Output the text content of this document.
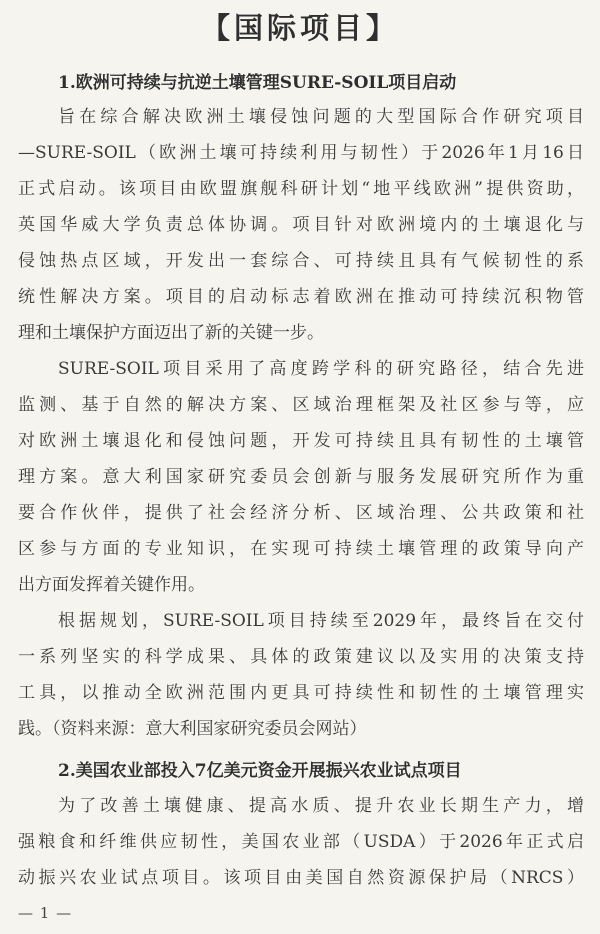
【国际项目】
1.欧洲可持续与抗逆土壤管理SURE-SOIL项目启动
旨在综合解决欧洲土壤侵蚀问题的大型国际合作研究项目
—SURE-SOIL（欧洲土壤可持续利用与韧性）于2026年1月16日
正式启动。该项目由欧盟旗舰科研计划“地平线欧洲”提供资助，
英国华威大学负责总体协调。项目针对欧洲境内的土壤退化与
侵蚀热点区域，开发出一套综合、可持续且具有气候韧性的系
统性解决方案。项目的启动标志着欧洲在推动可持续沉积物管
理和土壤保护方面迈出了新的关键一步。
SURE-SOIL项目采用了高度跨学科的研究路径，结合先进
监测、基于自然的解决方案、区域治理框架及社区参与等，应
对欧洲土壤退化和侵蚀问题，开发可持续且具有韧性的土壤管
理方案。意大利国家研究委员会创新与服务发展研究所作为重
要合作伙伴，提供了社会经济分析、区域治理、公共政策和社
区参与方面的专业知识，在实现可持续土壤管理的政策导向产
出方面发挥着关键作用。
根据规划，SURE-SOIL项目持续至2029年，最终旨在交付
一系列坚实的科学成果、具体的政策建议以及实用的决策支持
工具，以推动全欧洲范围内更具可持续性和韧性的土壤管理实
践。（资料来源：意大利国家研究委员会网站）
2.美国农业部投入7亿美元资金开展振兴农业试点项目
为了改善土壤健康、提高水质、提升农业长期生产力，增
强粮食和纤维供应韧性，美国农业部（USDA）于2026年正式启
动振兴农业试点项目。该项目由美国自然资源保护局（NRCS）
— 1 —
